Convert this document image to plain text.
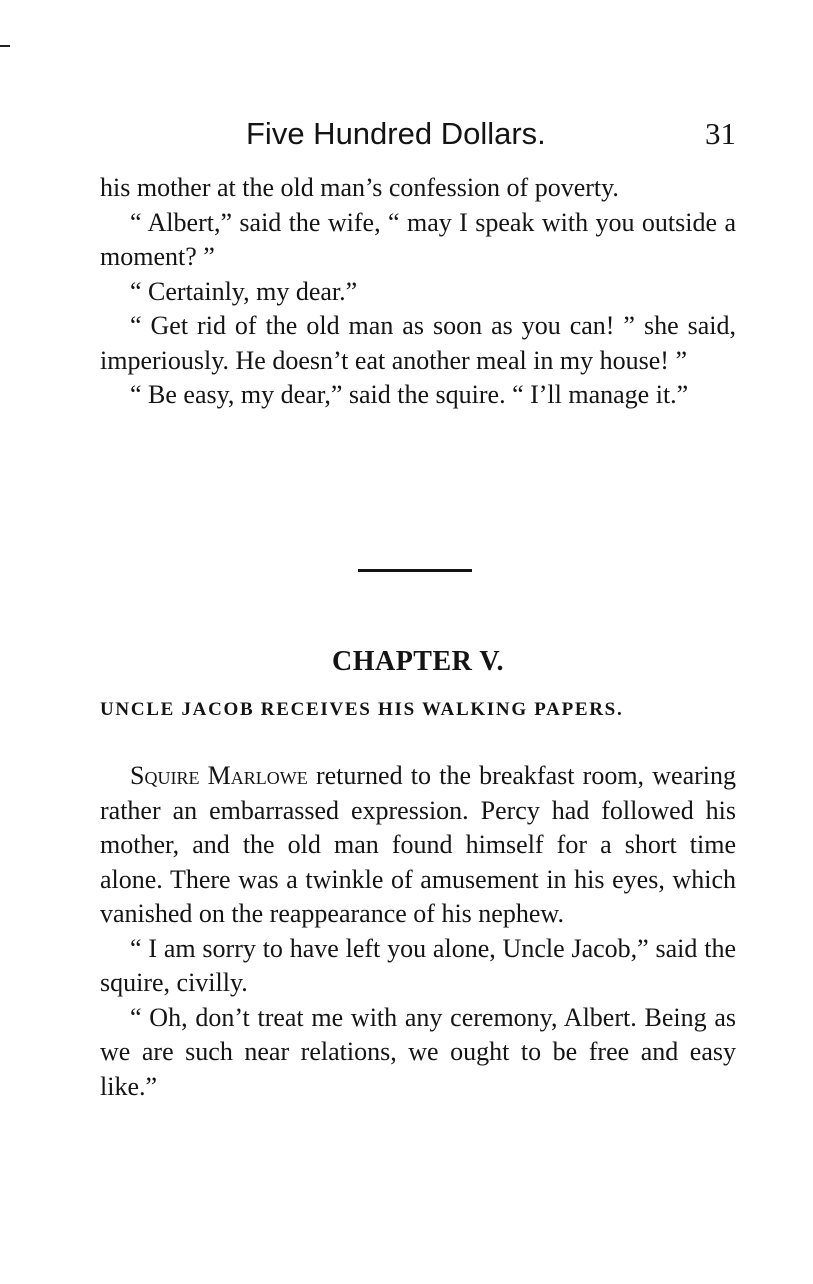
Five Hundred Dollars.	31

his mother at the old man’s confession of poverty.

“ Albert,” said the wife, “ may I speak with you outside a moment? ”

“ Certainly, my dear.”

“ Get rid of the old man as soon as you can! ” she said, imperiously. He doesn’t eat another meal in my house! ”

“ Be easy, my dear,” said the squire. “ I’ll manage it.”

CHAPTER V.
UNCLE JACOB RECEIVES HIS WALKING PAPERS.

Squire Marlowe returned to the breakfast room, wearing rather an embarrassed expression. Percy had followed his mother, and the old man found himself for a short time alone. There was a twinkle of amusement in his eyes, which vanished on the reappearance of his nephew.

“ I am sorry to have left you alone, Uncle Jacob,” said the squire, civilly.

“ Oh, don’t treat me with any ceremony, Albert. Being as we are such near relations, we ought to be free and easy like.”
